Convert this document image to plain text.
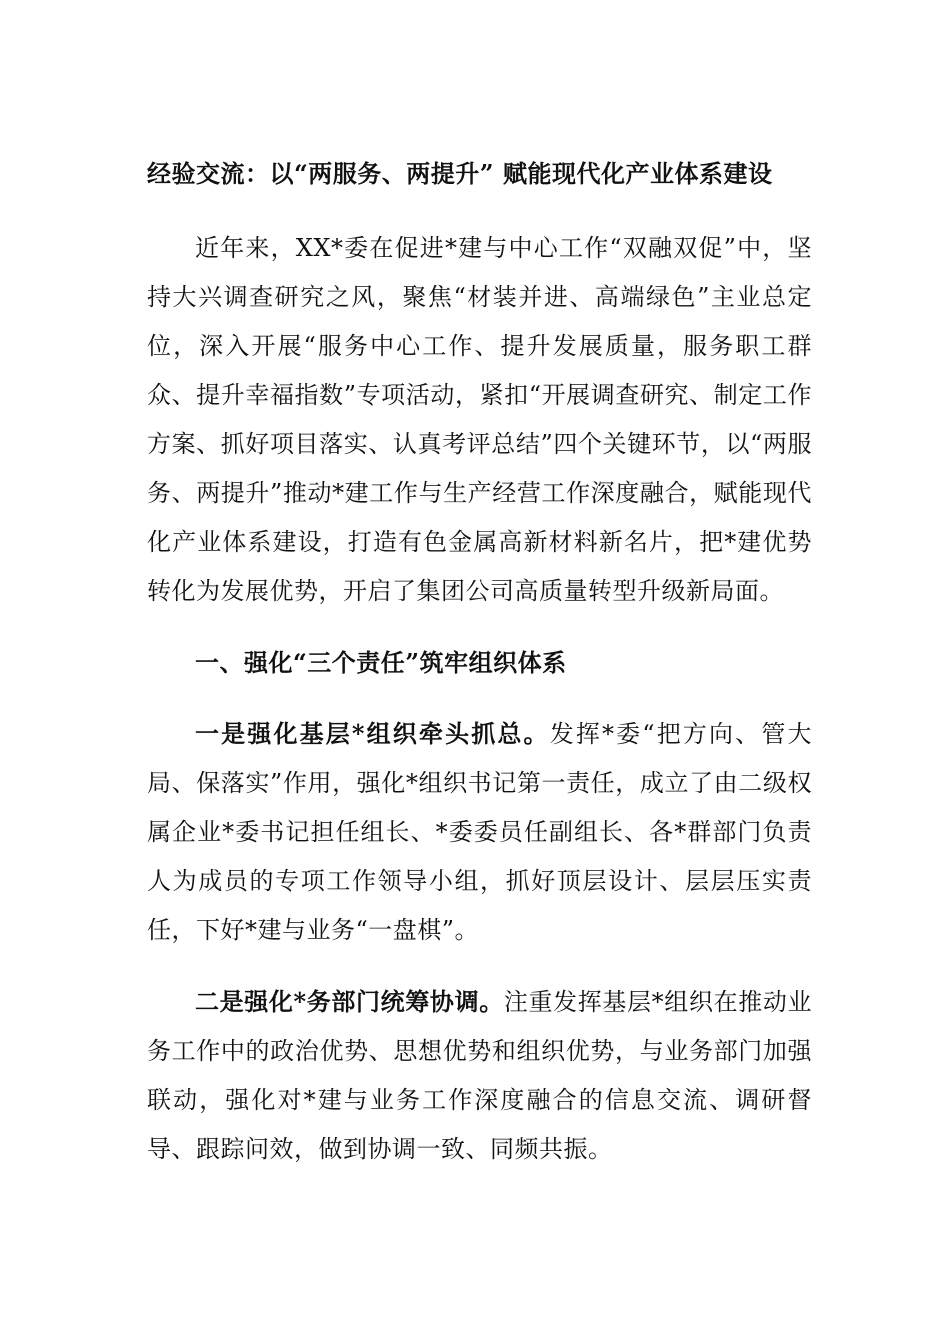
经验交流：以“两服务、两提升” 赋能现代化产业体系建设

近年来，XX*委在促进*建与中心工作“双融双促”中，坚持大兴调查研究之风，聚焦“材装并进、高端绿色”主业总定位，深入开展“服务中心工作、提升发展质量，服务职工群众、提升幸福指数”专项活动，紧扣“开展调查研究、制定工作方案、抓好项目落实、认真考评总结”四个关键环节，以“两服务、两提升”推动*建工作与生产经营工作深度融合，赋能现代化产业体系建设，打造有色金属高新材料新名片，把*建优势转化为发展优势，开启了集团公司高质量转型升级新局面。

一、强化“三个责任”筑牢组织体系

一是强化基层*组织牵头抓总。发挥*委“把方向、管大局、保落实”作用，强化*组织书记第一责任，成立了由二级权属企业*委书记担任组长、*委委员任副组长、各*群部门负责人为成员的专项工作领导小组，抓好顶层设计、层层压实责任，下好*建与业务“一盘棋”。

二是强化*务部门统筹协调。注重发挥基层*组织在推动业务工作中的政治优势、思想优势和组织优势，与业务部门加强联动，强化对*建与业务工作深度融合的信息交流、调研督导、跟踪问效，做到协调一致、同频共振。
